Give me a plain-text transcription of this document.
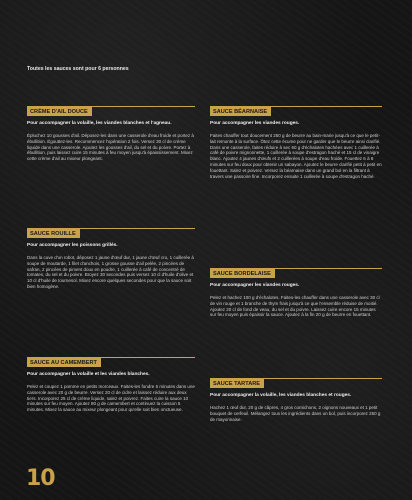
Toutes les sauces sont pour 6 personnes
CRÈME D'AIL DOUCE
Pour accompagner la volaille, les viandes blanches et l'agneau.
Épluchez 10 gousses d'ail. Déposez-les dans une casserole d'eau froide et portez à ébullition. Égouttez-les. Recommencez l'opération 2 fois. Versez 30 cl de crème liquide dans une casserole. Ajoutez les gousses d'ail, du sel et du poivre. Portez à ébullition, puis laissez cuire 15 minutes à feu moyen jusqu'à épaississement. Mixez cette crème d'ail au mixeur plongeant.
SAUCE ROUILLE
Pour accompagner les poissons grillés.
Dans la cuve d'un robot, déposez 1 jaune d'œuf dur, 1 jaune d'œuf cru, 1 cuillerée à soupe de moutarde, 1 filet d'anchois, 1 grosse gousse d'ail pelée, 2 pincées de safran, 2 pincées de piment doux en poudre, 1 cuillerée à café de concentré de tomates, du sel et du poivre. Broyez 30 secondes puis versez 10 cl d'huile d'olive et 10 cl d'huile de tournesol. Mixez encore quelques secondes pour que la sauce soit bien homogène.
SAUCE AU CAMEMBERT
Pour accompagner la volaille et les viandes blanches.
Pelez et coupez 1 pomme en petits morceaux. Faites-les fondre 5 minutes dans une casserole avec 20 g de beurre. Versez 20 cl de cidre et laissez réduire aux deux tiers. Incorporez 25 cl de crème liquide, salez et poivrez. Faites cuire la sauce 10 minutes sur feu moyen. Ajoutez 80 g de camembert et continuez la cuisson 5 minutes. Mixez la sauce au mixeur plongeant pour qu'elle soit bien onctueuse.
SAUCE BÉARNAISE
Pour accompagner les viandes rouges.
Faites chauffer tout doucement 250 g de beurre au bain-marie jusqu'à ce que le petit-lait remonte à la surface. Ôtez cette écume pour ne garder que le beurre ainsi clarifié. Dans une casserole, faites réduire à sec 60 g d'échalotes hachées avec 1 cuillerée à café de poivre mignonnette, 1 cuillerée à soupe d'estragon haché et 15 cl de vinaigre blanc. Ajoutez 4 jaunes d'œufs et 2 cuillerées à soupe d'eau froide. Fouettez 6 à 8 minutes sur feu doux pour obtenir un sabayon. Ajoutez le beurre clarifié petit à petit en fouettant. Salez et poivrez. Versez la béarnaise dans un grand bol en la filtrant à travers une passoire fine. Incorporez ensuite 1 cuillerée à soupe d'estragon haché.
SAUCE BORDELAISE
Pour accompagner les viandes rouges.
Pelez et hachez 100 g d'échalotes. Faites-les chauffer dans une casserole avec 30 cl de vin rouge et 1 branche de thym frais jusqu'à ce que l'ensemble réduise de moitié. Ajoutez 20 cl de fond de veau, du sel et du poivre. Laissez cuire encore 15 minutes sur feu moyen puis épaissir la sauce. Ajoutez à la fin 20 g de beurre en fouettant.
SAUCE TARTARE
Pour accompagner la volaille, les viandes blanches et rouges.
Hachez 1 œuf dur, 20 g de câpres, 4 gros cornichons, 2 oignons nouveaux et 1 petit bouquet de cerfeuil. Mélangez tous les ingrédients dans un bol, puis incorporez 250 g de mayonnaise.
10
